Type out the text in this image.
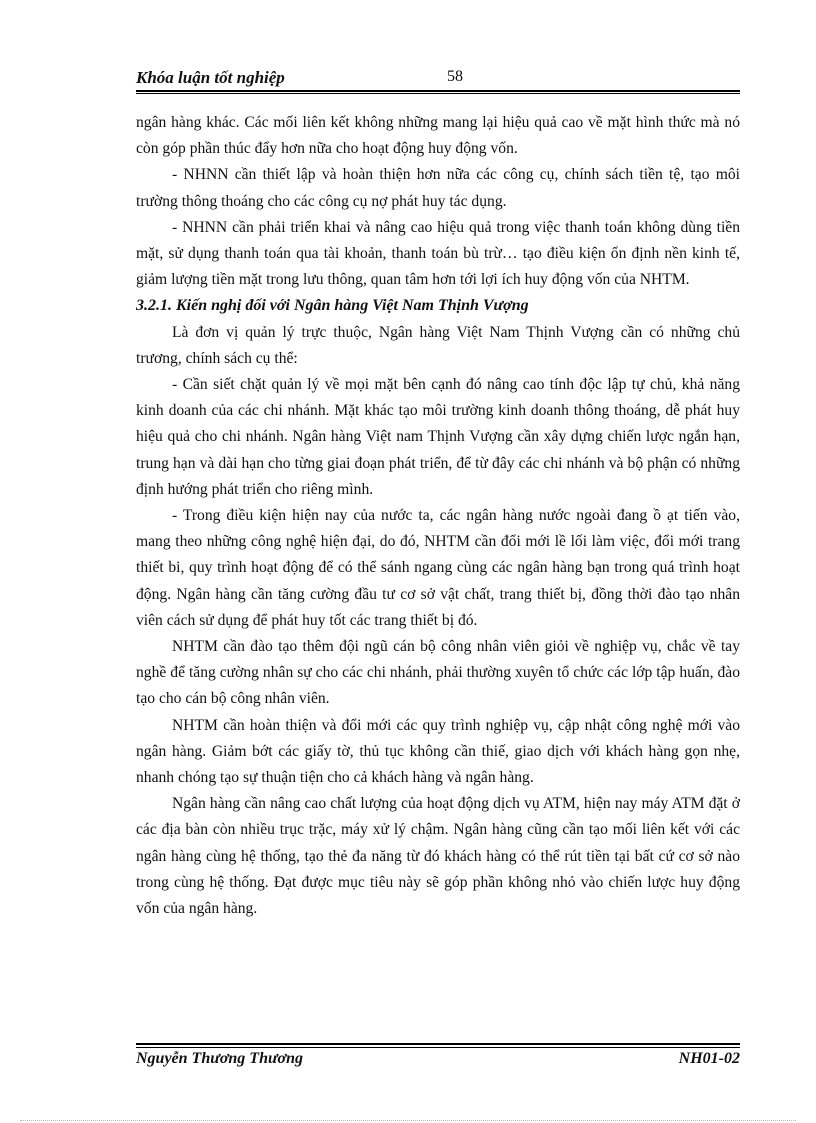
Khóa luận tốt nghiệp	58

ngân hàng khác. Các mối liên kết không những mang lại hiệu quả cao về mặt hình thức mà nó còn góp phần thúc đẩy hơn nữa cho hoạt động huy động vốn.

- NHNN cần thiết lập và hoàn thiện hơn nữa các công cụ, chính sách tiền tệ, tạo môi trường thông thoáng cho các công cụ nợ phát huy tác dụng.

- NHNN cần phải triển khai và nâng cao hiệu quả trong việc thanh toán không dùng tiền mặt, sử dụng thanh toán qua tài khoản, thanh toán bù trừ… tạo điều kiện ổn định nền kinh tế, giảm lượng tiền mặt trong lưu thông, quan tâm hơn tới lợi ích huy động vốn của NHTM.

3.2.1. Kiến nghị đối với Ngân hàng Việt Nam Thịnh Vượng

Là đơn vị quản lý trực thuộc, Ngân hàng Việt Nam Thịnh Vượng cần có những chủ trương, chính sách cụ thể:

- Cần siết chặt quản lý về mọi mặt bên cạnh đó nâng cao tính độc lập tự chủ, khả năng kinh doanh của các chi nhánh. Mặt khác tạo môi trường kinh doanh thông thoáng, dễ phát huy hiệu quả cho chi nhánh. Ngân hàng Việt nam Thịnh Vượng cần xây dựng chiến lược ngắn hạn, trung hạn và dài hạn cho từng giai đoạn phát triển, để từ đây các chi nhánh và bộ phận có những định hướng phát triển cho riêng mình.

- Trong điều kiện hiện nay của nước ta, các ngân hàng nước ngoài đang ồ ạt tiến vào, mang theo những công nghệ hiện đại, do đó, NHTM cần đổi mới lề lối làm việc, đổi mới trang thiết bi, quy trình hoạt động để có thể sánh ngang cùng các ngân hàng bạn trong quá trình hoạt động. Ngân hàng cần tăng cường đầu tư cơ sở vật chất, trang thiết bị, đồng thời đào tạo nhân viên cách sử dụng để phát huy tốt các trang thiết bị đó.

NHTM cần đào tạo thêm đội ngũ cán bộ công nhân viên giỏi về nghiệp vụ, chắc về tay nghề để tăng cường nhân sự cho các chi nhánh, phải thường xuyên tổ chức các lớp tập huấn, đào tạo cho cán bộ công nhân viên.

NHTM cần hoàn thiện và đổi mới các quy trình nghiệp vụ, cập nhật công nghệ mới vào ngân hàng. Giảm bớt các giấy tờ, thủ tục không cần thiế, giao dịch với khách hàng gọn nhẹ, nhanh chóng tạo sự thuận tiện cho cả khách hàng và ngân hàng.

Ngân hàng cần nâng cao chất lượng của hoạt động dịch vụ ATM, hiện nay máy ATM đặt ở các địa bàn còn nhiều trục trặc, máy xử lý chậm. Ngân hàng cũng cần tạo mối liên kết với các ngân hàng cùng hệ thống, tạo thẻ đa năng từ đó khách hàng có thể rút tiền tại bất cứ cơ sở nào trong cùng hệ thống. Đạt được mục tiêu này sẽ góp phần không nhỏ vào chiến lược huy động vốn của ngân hàng.

Nguyễn Thương Thương	NH01-02
